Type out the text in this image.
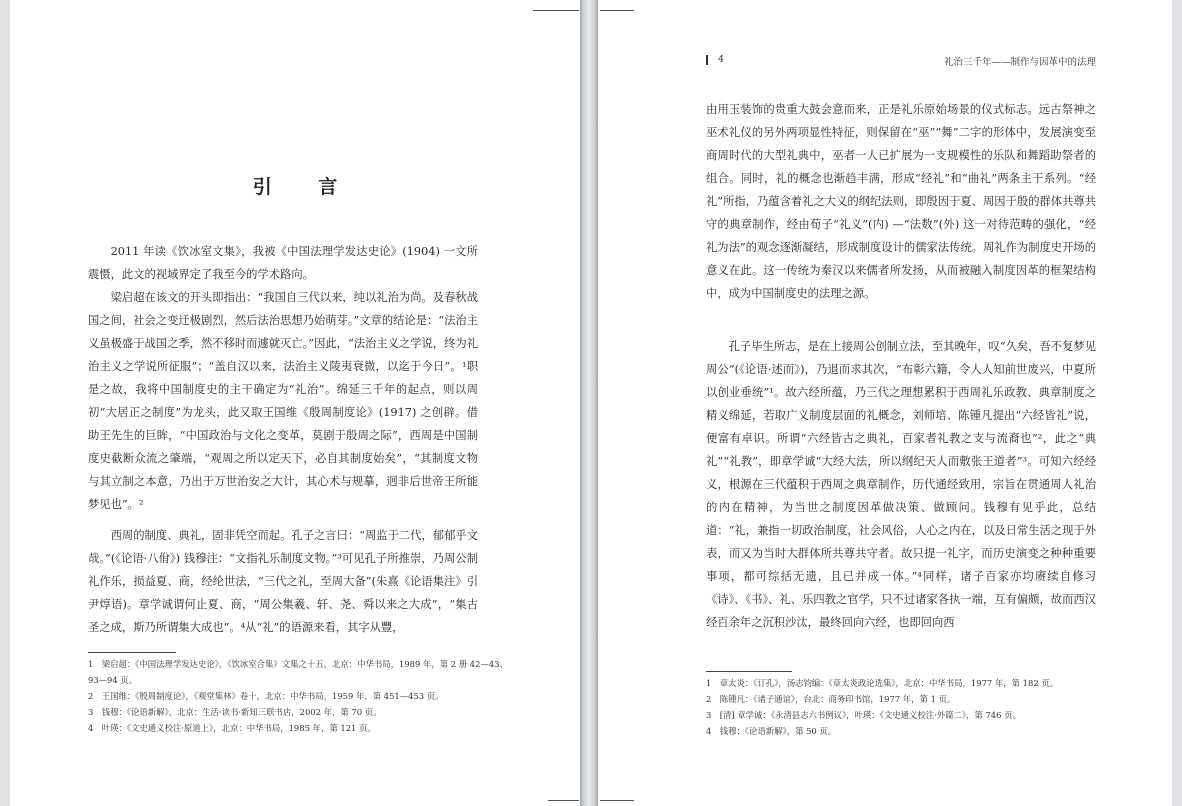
引 言

2011 年读《饮冰室文集》，我被《中国法理学发达史论》(1904) 一文所震慑，此文的视域界定了我至今的学术路向。

梁启超在该文的开头即指出：“我国自三代以来，纯以礼治为尚。及春秋战国之间，社会之变迁极剧烈，然后法治思想乃始萌芽。”文章的结论是：“法治主义虽极盛于战国之季，然不移时而遽就灭亡。”因此，“法治主义之学说，终为礼治主义之学说所征服”；“盖自汉以来，法治主义陵夷衰微，以迄于今日”。¹职是之故，我将中国制度史的主干确定为“礼治”。绵延三千年的起点，则以周初“大居正之制度”为龙头，此又取王国维《殷周制度论》(1917) 之创辟。借助王先生的巨眸，“中国政治与文化之变革，莫剧于殷周之际”，西周是中国制度史截断众流之肇端，“观周之所以定天下，必自其制度始矣”，“其制度文物与其立制之本意，乃出于万世治安之大计，其心术与规摹，迥非后世帝王所能梦见也”。²

西周的制度、典礼，固非凭空而起。孔子之言曰：“周监于二代，郁郁乎文哉。”(《论语·八佾》) 钱穆注：“文指礼乐制度文物。”³可见孔子所推崇，乃周公制礼作乐，损益夏、商，经纶世法，“三代之礼，至周大备”(朱熹《论语集注》引尹焞语)。章学诚谓何止夏、商，“周公集羲、轩、尧、舜以来之大成”，“集古圣之成，斯乃所谓集大成也”。⁴从“礼”的语源来看，其字从豐，

1　梁启超：《中国法理学发达史论》，《饮冰室合集》文集之十五，北京：中华书局，1989 年，第 2 册 42—43、93—94 页。

2　王国维：《殷周制度论》，《观堂集林》卷十，北京：中华书局，1959 年，第 451—453 页。

3　钱穆：《论语新解》，北京：生活·读书·新知三联书店，2002 年，第 70 页。

4　叶瑛：《文史通义校注·原道上》，北京：中华书局，1985 年，第 121 页。

4	礼治三千年——制作与因革中的法理

由用玉装饰的贵重大鼓会意而来，正是礼乐原始场景的仪式标志。远古祭神之巫术礼仪的另外两项显性特征，则保留在“巫”“舞”二字的形体中，发展演变至商周时代的大型礼典中，巫者一人已扩展为一支规模性的乐队和舞蹈助祭者的组合。同时，礼的概念也渐趋丰满，形成“经礼”和“曲礼”两条主干系列。“经礼”所指，乃蕴含着礼之大义的纲纪法则，即殷因于夏、周因于殷的群体共尊共守的典章制作，经由荀子“礼义”(内) —“法数”(外) 这一对待范畴的强化，“经礼为法”的观念逐渐凝结，形成制度设计的儒家法传统。周礼作为制度史开场的意义在此。这一传统为秦汉以来儒者所发扬，从而被融入制度因革的框架结构中，成为中国制度史的法理之源。

孔子毕生所志，是在上接周公创制立法，至其晚年，叹“久矣，吾不复梦见周公”(《论语·述而》)，乃退而求其次，“布彰六籍，令人人知前世废兴，中夏所以创业垂统”¹。故六经所蕴，乃三代之理想累积于西周礼乐政教、典章制度之精义绵延，若取广义制度层面的礼概念，刘师培、陈锺凡提出“六经皆礼”说，便富有卓识。所谓“六经皆古之典礼，百家者礼教之支与流裔也”²，此之“典礼”“礼教”，即章学诚“大经大法，所以纲纪天人而敷张王道者”³。可知六经经义，根源在三代蕴积于西周之典章制作，历代通经致用，宗旨在贯通周人礼治的内在精神，为当世之制度因革做决策、做顾问。钱穆有见乎此，总结道：“礼，兼指一切政治制度，社会风俗，人心之内在，以及日常生活之现于外表，而又为当时大群体所共尊共守者。故只提一礼字，而历史演变之种种重要事项，都可综括无遗，且已并成一体。”⁴同样，诸子百家亦均赓续自修习《诗》、《书》、礼、乐四教之官学，只不过诸家各执一端，互有偏颇，故而西汉经百余年之沉积沙汰，最终回向六经，也即回向西

1　章太炎：《订孔》，汤志钧编：《章太炎政论选集》，北京：中华书局，1977 年，第 182 页。

2　陈锺凡：《诸子通谊》，台北：商务印书馆，1977 年，第 1 页。

3　[清] 章学诚：《永清县志六书例议》，叶瑛：《文史通义校注·外篇二》，第 746 页。

4　钱穆：《论语新解》，第 50 页。
